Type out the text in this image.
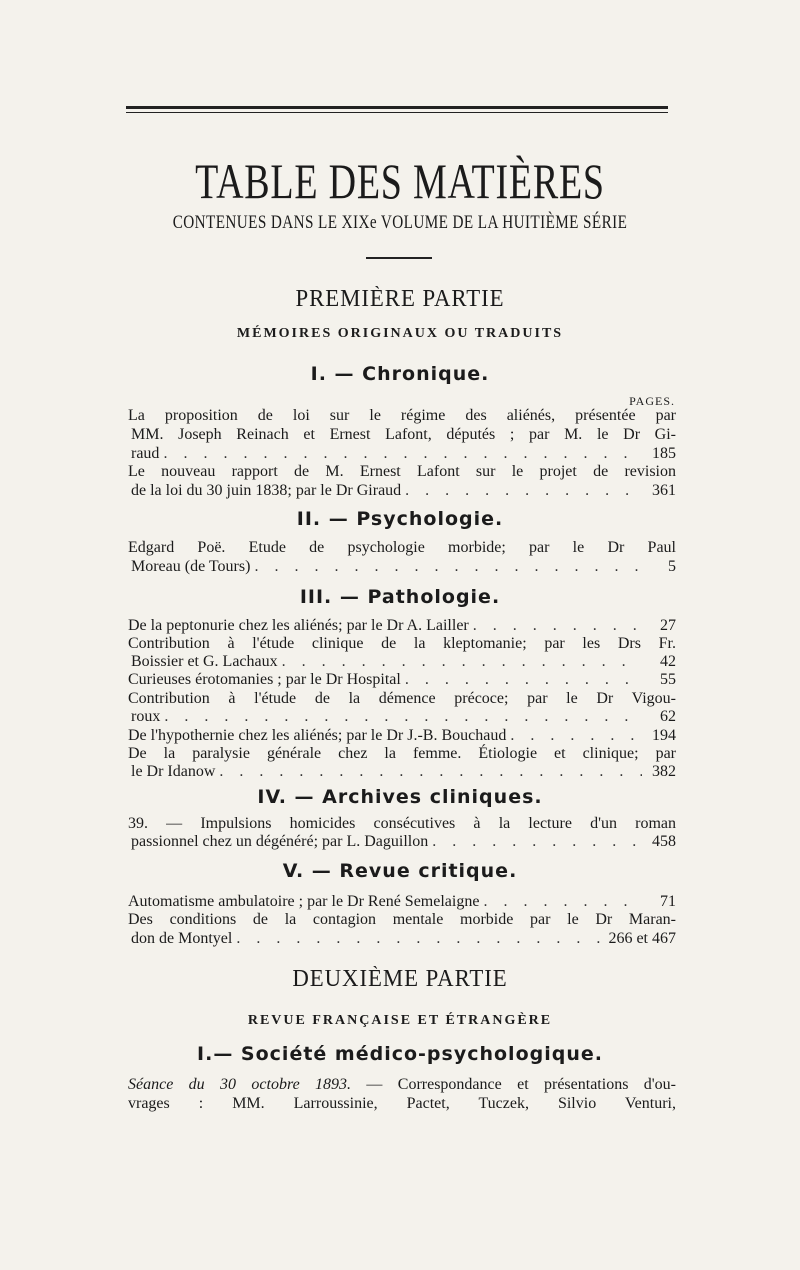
TABLE DES MATIÈRES
CONTENUES DANS LE XIXe VOLUME DE LA HUITIÈME SÉRIE
PREMIÈRE PARTIE
MÉMOIRES ORIGINAUX OU TRADUITS
I. — Chronique.
PAGES.
La proposition de loi sur le régime des aliénés, présentée par
MM. Joseph Reinach et Ernest Lafont, députés ; par M. le Dr Gi-
raud . . .	185
Le nouveau rapport de M. Ernest Lafont sur le projet de revision
de la loi du 30 juin 1838; par le Dr Giraud . . .	361
II. — Psychologie.
Edgard Poë. Etude de psychologie morbide; par le Dr Paul
Moreau (de Tours) . . .	5
III. — Pathologie.
De la peptonurie chez les aliénés; par le Dr A. Lailler . . .	27
Contribution à l'étude clinique de la kleptomanie; par les Drs Fr.
Boissier et G. Lachaux . . .	42
Curieuses érotomanies ; par le Dr Hospital . . .	55
Contribution à l'étude de la démence précoce; par le Dr Vigou-
roux . . .	62
De l'hypothernie chez les aliénés; par le Dr J.-B. Bouchaud . . .	194
De la paralysie générale chez la femme. Étiologie et clinique; par
le Dr Idanow . . .	382
IV. — Archives cliniques.
39. — Impulsions homicides consécutives à la lecture d'un roman
passionnel chez un dégénéré; par L. Daguillon . . .	458
V. — Revue critique.
Automatisme ambulatoire ; par le Dr René Semelaigne . . .	71
Des conditions de la contagion mentale morbide par le Dr Maran-
don de Montyel . . .	266 et 467
DEUXIÈME PARTIE
REVUE FRANÇAISE ET ÉTRANGÈRE
I.— Société médico-psychologique.
Séance du 30 octobre 1893. — Correspondance et présentations d'ou-
vrages : MM. Larroussinie, Pactet, Tuczek, Silvio Venturi,
